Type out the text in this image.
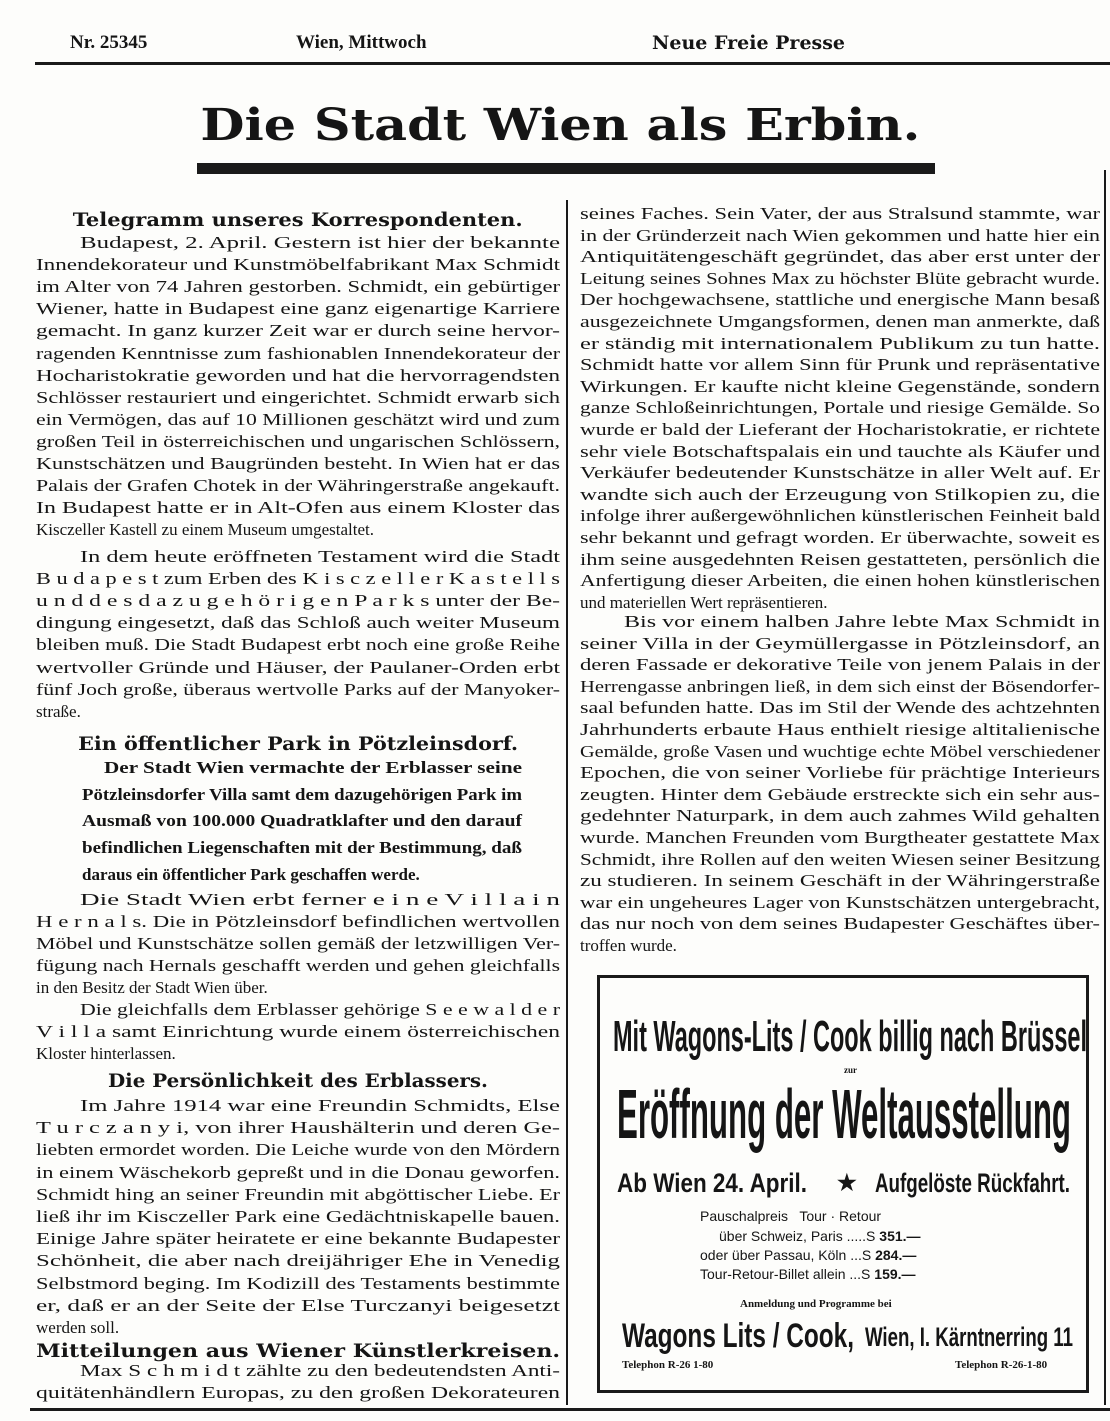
Nr. 25345	Wien, Mittwoch	Neue Freie Presse
Die Stadt Wien als Erbin.
Telegramm unseres Korrespondenten.
Budapest, 2. April. Gestern ist hier der bekannte
Innendekorateur und Kunstmöbelfabrikant Max Schmidt
im Alter von 74 Jahren gestorben. Schmidt, ein gebürtiger
Wiener, hatte in Budapest eine ganz eigenartige Karriere
gemacht. In ganz kurzer Zeit war er durch seine hervor-
ragenden Kenntnisse zum fashionablen Innendekorateur der
Hocharistokratie geworden und hat die hervorragendsten
Schlösser restauriert und eingerichtet. Schmidt erwarb sich
ein Vermögen, das auf 10 Millionen geschätzt wird und zum
großen Teil in österreichischen und ungarischen Schlössern,
Kunstschätzen und Baugründen besteht. In Wien hat er das
Palais der Grafen Chotek in der Währingerstraße angekauft.
In Budapest hatte er in Alt-Ofen aus einem Kloster das
Kisczeller Kastell zu einem Museum umgestaltet.
In dem heute eröffneten Testament wird die Stadt
B u d a p e s t zum Erben des K i s c z e l l e r K a s t e l l s
u n d d e s d a z u g e h ö r i g e n P a r k s unter der Be-
dingung eingesetzt, daß das Schloß auch weiter Museum
bleiben muß. Die Stadt Budapest erbt noch eine große Reihe
wertvoller Gründe und Häuser, der Paulaner-Orden erbt
fünf Joch große, überaus wertvolle Parks auf der Manyoker-
straße.
Ein öffentlicher Park in Pötzleinsdorf.
Der Stadt Wien vermachte der Erblasser seine
Pötzleinsdorfer Villa samt dem dazugehörigen Park im
Ausmaß von 100.000 Quadratklafter und den darauf
befindlichen Liegenschaften mit der Bestimmung, daß
daraus ein öffentlicher Park geschaffen werde.
Die Stadt Wien erbt ferner e i n e V i l l a i n
H e r n a l s. Die in Pötzleinsdorf befindlichen wertvollen
Möbel und Kunstschätze sollen gemäß der letzwilligen Ver-
fügung nach Hernals geschafft werden und gehen gleichfalls
in den Besitz der Stadt Wien über.
Die gleichfalls dem Erblasser gehörige S e e w a l d e r
V i l l a samt Einrichtung wurde einem österreichischen
Kloster hinterlassen.
Die Persönlichkeit des Erblassers.
Im Jahre 1914 war eine Freundin Schmidts, Else
T u r c z a n y i, von ihrer Haushälterin und deren Ge-
liebten ermordet worden. Die Leiche wurde von den Mördern
in einem Wäschekorb gepreßt und in die Donau geworfen.
Schmidt hing an seiner Freundin mit abgöttischer Liebe. Er
ließ ihr im Kisczeller Park eine Gedächtniskapelle bauen.
Einige Jahre später heiratete er eine bekannte Budapester
Schönheit, die aber nach dreijähriger Ehe in Venedig
Selbstmord beging. Im Kodizill des Testaments bestimmte
er, daß er an der Seite der Else Turczanyi beigesetzt
werden soll.
Mitteilungen aus Wiener Künstlerkreisen.
Max S c h m i d t zählte zu den bedeutendsten Anti-
quitätenhändlern Europas, zu den großen Dekorateuren
seines Faches. Sein Vater, der aus Stralsund stammte, war
in der Gründerzeit nach Wien gekommen und hatte hier ein
Antiquitätengeschäft gegründet, das aber erst unter der
Leitung seines Sohnes Max zu höchster Blüte gebracht wurde.
Der hochgewachsene, stattliche und energische Mann besaß
ausgezeichnete Umgangsformen, denen man anmerkte, daß
er ständig mit internationalem Publikum zu tun hatte.
Schmidt hatte vor allem Sinn für Prunk und repräsentative
Wirkungen. Er kaufte nicht kleine Gegenstände, sondern
ganze Schloßeinrichtungen, Portale und riesige Gemälde. So
wurde er bald der Lieferant der Hocharistokratie, er richtete
sehr viele Botschaftspalais ein und tauchte als Käufer und
Verkäufer bedeutender Kunstschätze in aller Welt auf. Er
wandte sich auch der Erzeugung von Stilkopien zu, die
infolge ihrer außergewöhnlichen künstlerischen Feinheit bald
sehr bekannt und gefragt worden. Er überwachte, soweit es
ihm seine ausgedehnten Reisen gestatteten, persönlich die
Anfertigung dieser Arbeiten, die einen hohen künstlerischen
und materiellen Wert repräsentieren.
Bis vor einem halben Jahre lebte Max Schmidt in
seiner Villa in der Geymüllergasse in Pötzleinsdorf, an
deren Fassade er dekorative Teile von jenem Palais in der
Herrengasse anbringen ließ, in dem sich einst der Bösendorfer-
saal befunden hatte. Das im Stil der Wende des achtzehnten
Jahrhunderts erbaute Haus enthielt riesige altitalienische
Gemälde, große Vasen und wuchtige echte Möbel verschiedener
Epochen, die von seiner Vorliebe für prächtige Interieurs
zeugten. Hinter dem Gebäude erstreckte sich ein sehr aus-
gedehnter Naturpark, in dem auch zahmes Wild gehalten
wurde. Manchen Freunden vom Burgtheater gestattete Max
Schmidt, ihre Rollen auf den weiten Wiesen seiner Besitzung
zu studieren. In seinem Geschäft in der Währingerstraße
war ein ungeheures Lager von Kunstschätzen untergebracht,
das nur noch von dem seines Budapester Geschäftes über-
troffen wurde.
Mit Wagons-Lits / Cook billig nach Brüssel
zur
Eröffnung der Weltausstellung
Ab Wien 24. April. ★ Aufgelöste Rückfahrt.
Pauschalpreis   Tour · Retour
über Schweiz, Paris .....S 351.—
oder über Passau, Köln ...S 284.—
Tour-Retour-Billet allein ...S 159.—
Anmeldung und Programme bei
Wagons Lits / Cook, Wien, I. Kärntnerring 11
Telephon R-26 1-80	Telephon R-26-1-80
